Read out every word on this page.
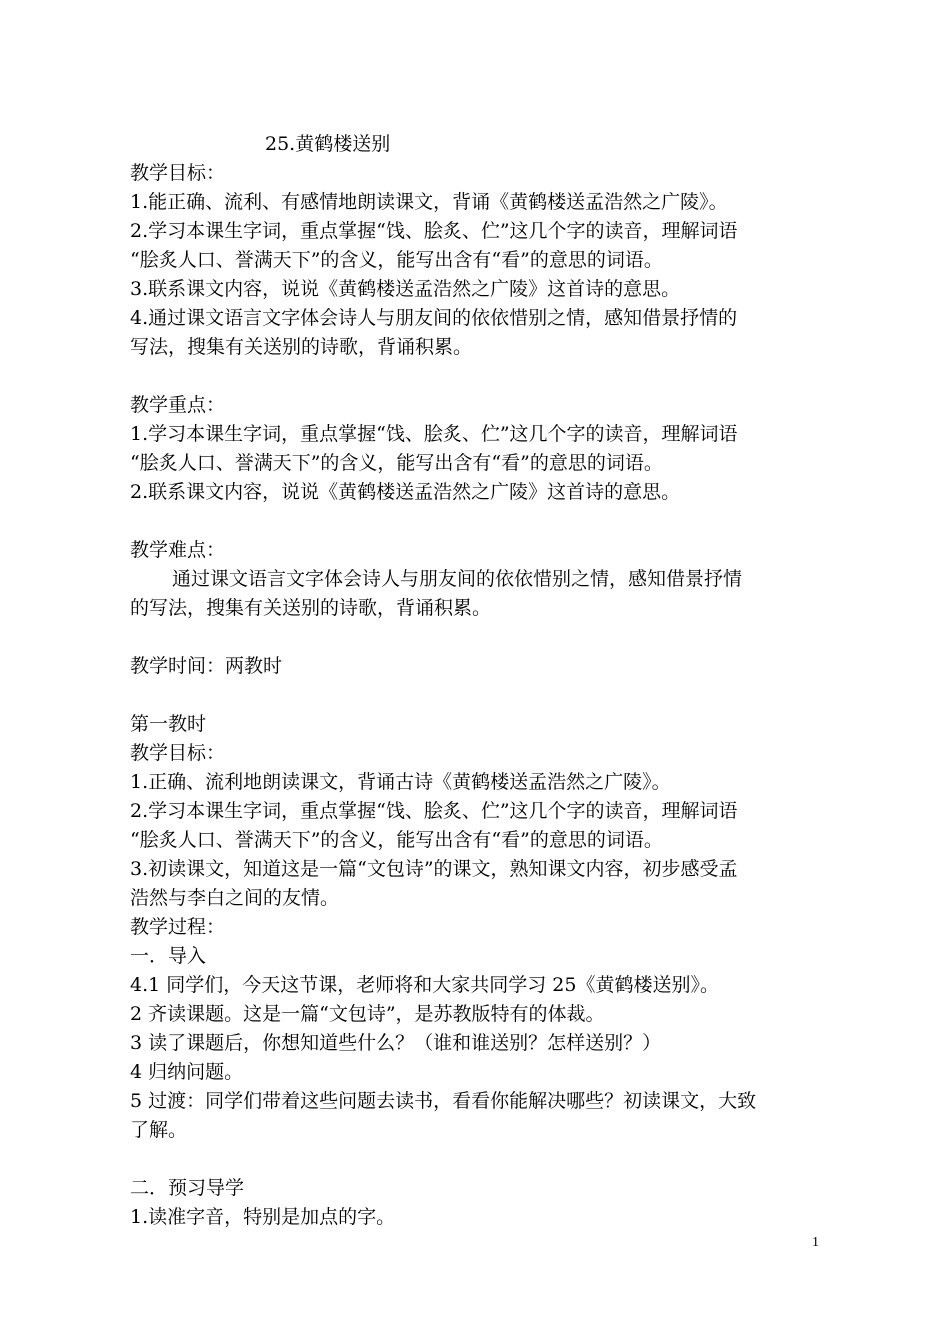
25.黄鹤楼送别
教学目标：
1.能正确、流利、有感情地朗读课文，背诵《黄鹤楼送孟浩然之广陵》。
2.学习本课生字词，重点掌握“饯、脍炙、伫”这几个字的读音，理解词语
“脍炙人口、誉满天下”的含义，能写出含有“看”的意思的词语。
3.联系课文内容，说说《黄鹤楼送孟浩然之广陵》这首诗的意思。
4.通过课文语言文字体会诗人与朋友间的依依惜别之情，感知借景抒情的
写法，搜集有关送别的诗歌，背诵积累。
教学重点：
1.学习本课生字词，重点掌握“饯、脍炙、伫”这几个字的读音，理解词语
“脍炙人口、誉满天下”的含义，能写出含有“看”的意思的词语。
2.联系课文内容，说说《黄鹤楼送孟浩然之广陵》这首诗的意思。
教学难点：
通过课文语言文字体会诗人与朋友间的依依惜别之情，感知借景抒情
的写法，搜集有关送别的诗歌，背诵积累。
教学时间：两教时
第一教时
教学目标：
1.正确、流利地朗读课文，背诵古诗《黄鹤楼送孟浩然之广陵》。
2.学习本课生字词，重点掌握“饯、脍炙、伫”这几个字的读音，理解词语
“脍炙人口、誉满天下”的含义，能写出含有“看”的意思的词语。
3.初读课文，知道这是一篇“文包诗”的课文，熟知课文内容，初步感受孟
浩然与李白之间的友情。
教学过程：
一．导入
4.1 同学们，今天这节课，老师将和大家共同学习 25《黄鹤楼送别》。
2 齐读课题。这是一篇“文包诗”，是苏教版特有的体裁。
3 读了课题后，你想知道些什么？（谁和谁送别？怎样送别？）
4 归纳问题。
5 过渡：同学们带着这些问题去读书，看看你能解决哪些？初读课文，大致
了解。
二．预习导学
1.读准字音，特别是加点的字。
1
